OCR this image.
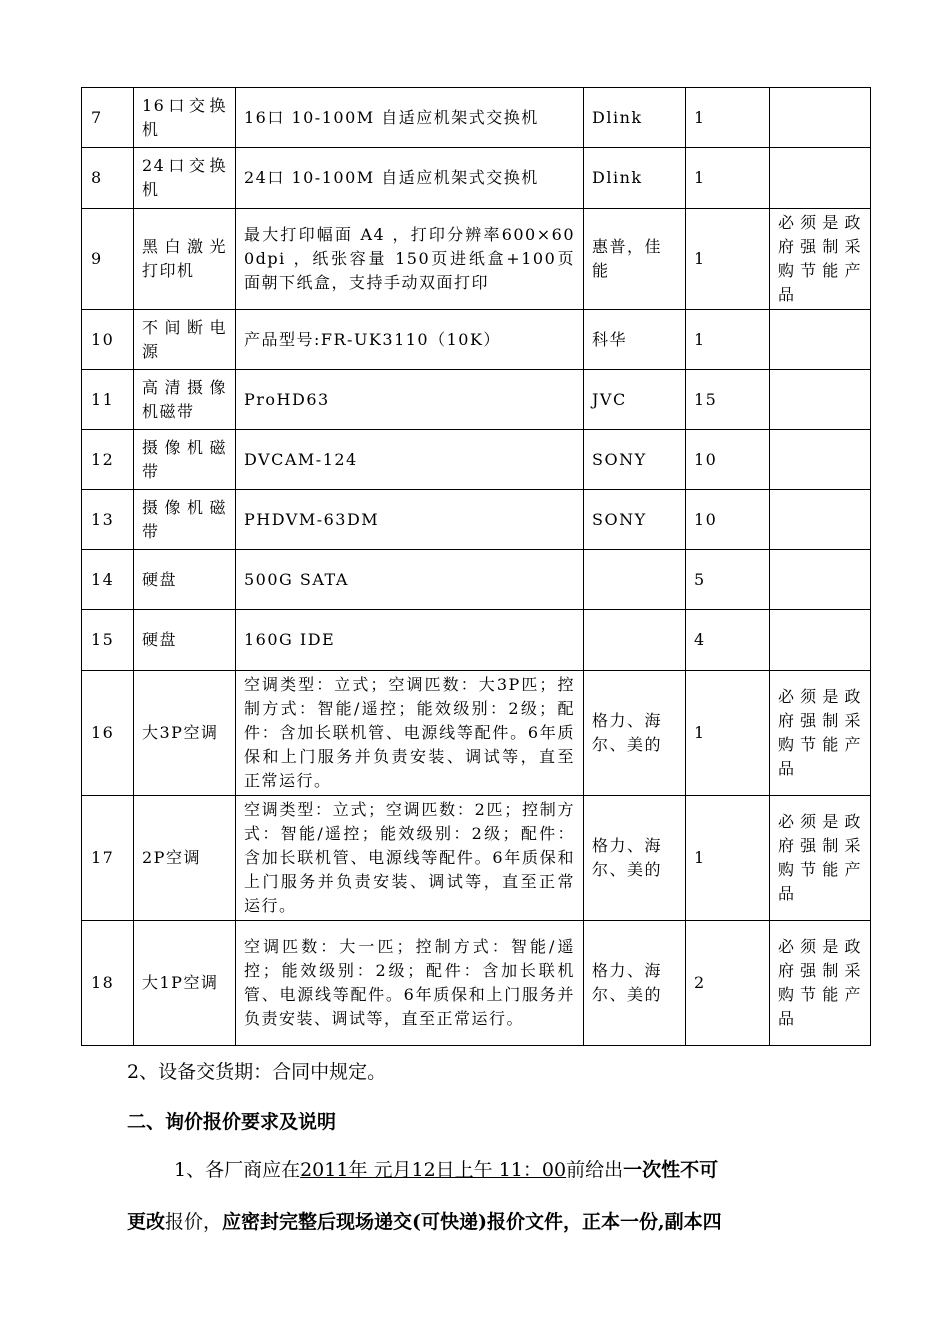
7	16口交换机	16口 10-100M 自适应机架式交换机	Dlink	1	
8	24口交换机	24口 10-100M 自适应机架式交换机	Dlink	1	
9	黑白激光打印机	最大打印幅面 A4 ，打印分辨率600×600dpi ，纸张容量 150页进纸盒+100页面朝下纸盒，支持手动双面打印	惠普，佳能	1	必须是政府强制采购节能产品
10	不间断电源	产品型号:FR-UK3110（10K）	科华	1	
11	高清摄像机磁带	ProHD63	JVC	15	
12	摄像机磁带	DVCAM-124	SONY	10	
13	摄像机磁带	PHDVM-63DM	SONY	10	
14	硬盘	500G SATA		5	
15	硬盘	160G IDE		4	
16	大3P空调	空调类型：立式；空调匹数：大3P匹；控制方式：智能/遥控；能效级别：2级；配件：含加长联机管、电源线等配件。6年质保和上门服务并负责安装、调试等，直至正常运行。	格力、海尔、美的	1	必须是政府强制采购节能产品
17	2P空调	空调类型：立式；空调匹数：2匹；控制方式：智能/遥控；能效级别：2级；配件：含加长联机管、电源线等配件。6年质保和上门服务并负责安装、调试等，直至正常运行。	格力、海尔、美的	1	必须是政府强制采购节能产品
18	大1P空调	空调匹数：大一匹；控制方式：智能/遥控；能效级别：2级；配件：含加长联机管、电源线等配件。6年质保和上门服务并负责安装、调试等，直至正常运行。	格力、海尔、美的	2	必须是政府强制采购节能产品
2、设备交货期：合同中规定。
二、询价报价要求及说明
1、各厂商应在2011年 元月12日上午 11：00前给出一次性不可
更改报价，应密封完整后现场递交(可快递)报价文件，正本一份,副本四
